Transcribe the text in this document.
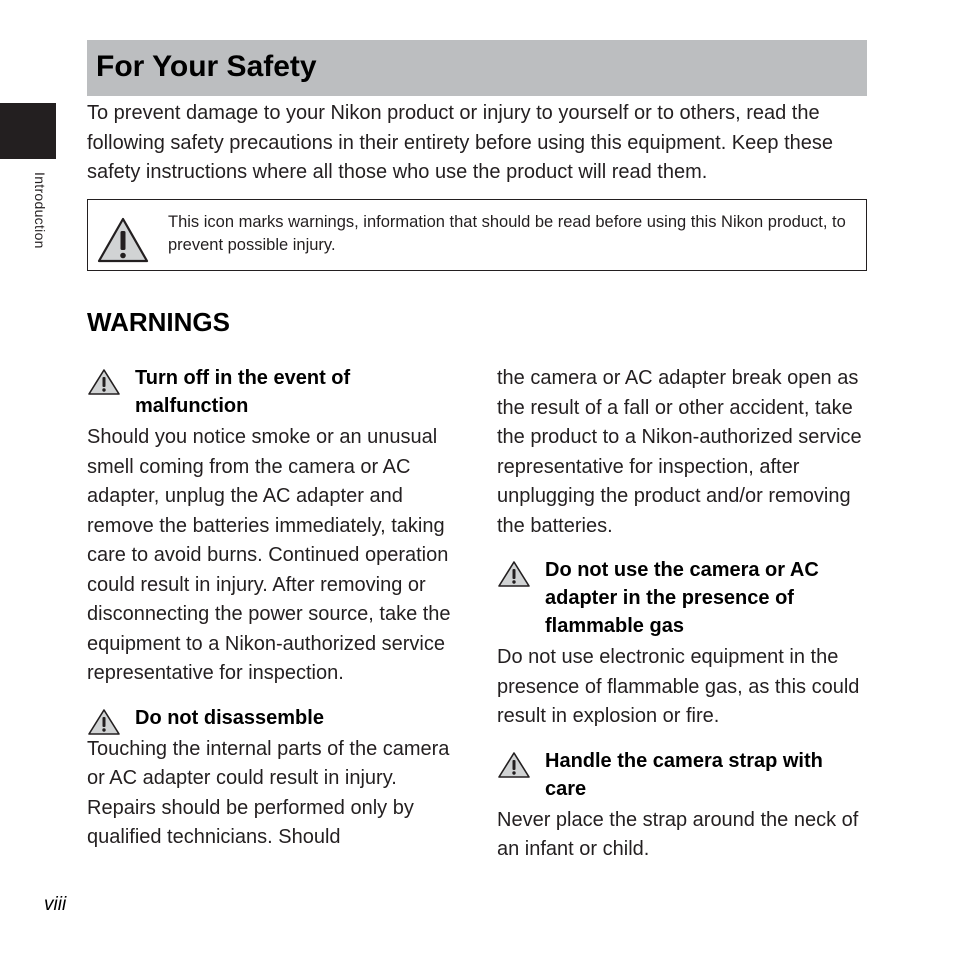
Introduction
For Your Safety
To prevent damage to your Nikon product or injury to yourself or to others, read the following safety precautions in their entirety before using this equipment. Keep these safety instructions where all those who use the product will read them.
This icon marks warnings, information that should be read before using this Nikon product, to prevent possible injury.
WARNINGS
Turn off in the event of malfunction
Should you notice smoke or an unusual smell coming from the camera or AC adapter, unplug the AC adapter and remove the batteries immediately, taking care to avoid burns. Continued operation could result in injury. After removing or disconnecting the power source, take the equipment to a Nikon-authorized service representative for inspection.
Do not disassemble
Touching the internal parts of the camera or AC adapter could result in injury. Repairs should be performed only by qualified technicians. Should
the camera or AC adapter break open as the result of a fall or other accident, take the product to a Nikon-authorized service representative for inspection, after unplugging the product and/or removing the batteries.
Do not use the camera or AC adapter in the presence of flammable gas
Do not use electronic equipment in the presence of flammable gas, as this could result in explosion or fire.
Handle the camera strap with care
Never place the strap around the neck of an infant or child.
viii
